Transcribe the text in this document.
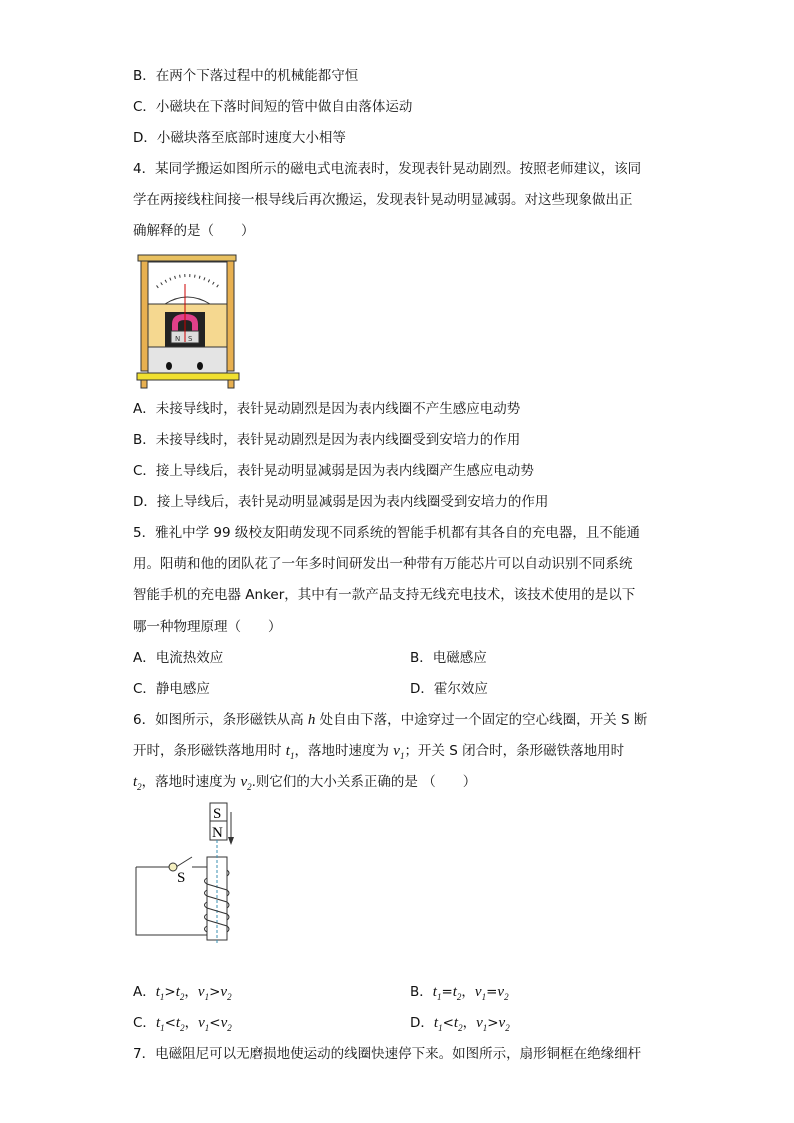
B．在两个下落过程中的机械能都守恒
C．小磁块在下落时间短的管中做自由落体运动
D．小磁块落至底部时速度大小相等
4．某同学搬运如图所示的磁电式电流表时，发现表针晃动剧烈。按照老师建议，该同
学在两接线柱间接一根导线后再次搬运，发现表针晃动明显减弱。对这些现象做出正
确解释的是（　　）
N S
A．未接导线时，表针晃动剧烈是因为表内线圈不产生感应电动势
B．未接导线时，表针晃动剧烈是因为表内线圈受到安培力的作用
C．接上导线后，表针晃动明显减弱是因为表内线圈产生感应电动势
D．接上导线后，表针晃动明显减弱是因为表内线圈受到安培力的作用
5．雅礼中学 99 级校友阳萌发现不同系统的智能手机都有其各自的充电器，且不能通
用。阳萌和他的团队花了一年多时间研发出一种带有万能芯片可以自动识别不同系统
智能手机的充电器 Anker，其中有一款产品支持无线充电技术，该技术使用的是以下
哪一种物理原理（　　）
A．电流热效应	B．电磁感应
C．静电感应	D．霍尔效应
6．如图所示，条形磁铁从高 h 处自由下落，中途穿过一个固定的空心线圈，开关 S 断
开时，条形磁铁落地用时 $t_1$，落地时速度为 $v_1$；开关 S 闭合时，条形磁铁落地用时
$t_2$，落地时速度为 $v_2$.则它们的大小关系正确的是 （　　）
S
N
S
A．$t_1>t_2$，$v_1>v_2$	B．$t_1=t_2$，$v_1=v_2$
C．$t_1<t_2$，$v_1<v_2$	D．$t_1<t_2$，$v_1>v_2$
7．电磁阻尼可以无磨损地使运动的线圈快速停下来。如图所示，扇形铜框在绝缘细杆
